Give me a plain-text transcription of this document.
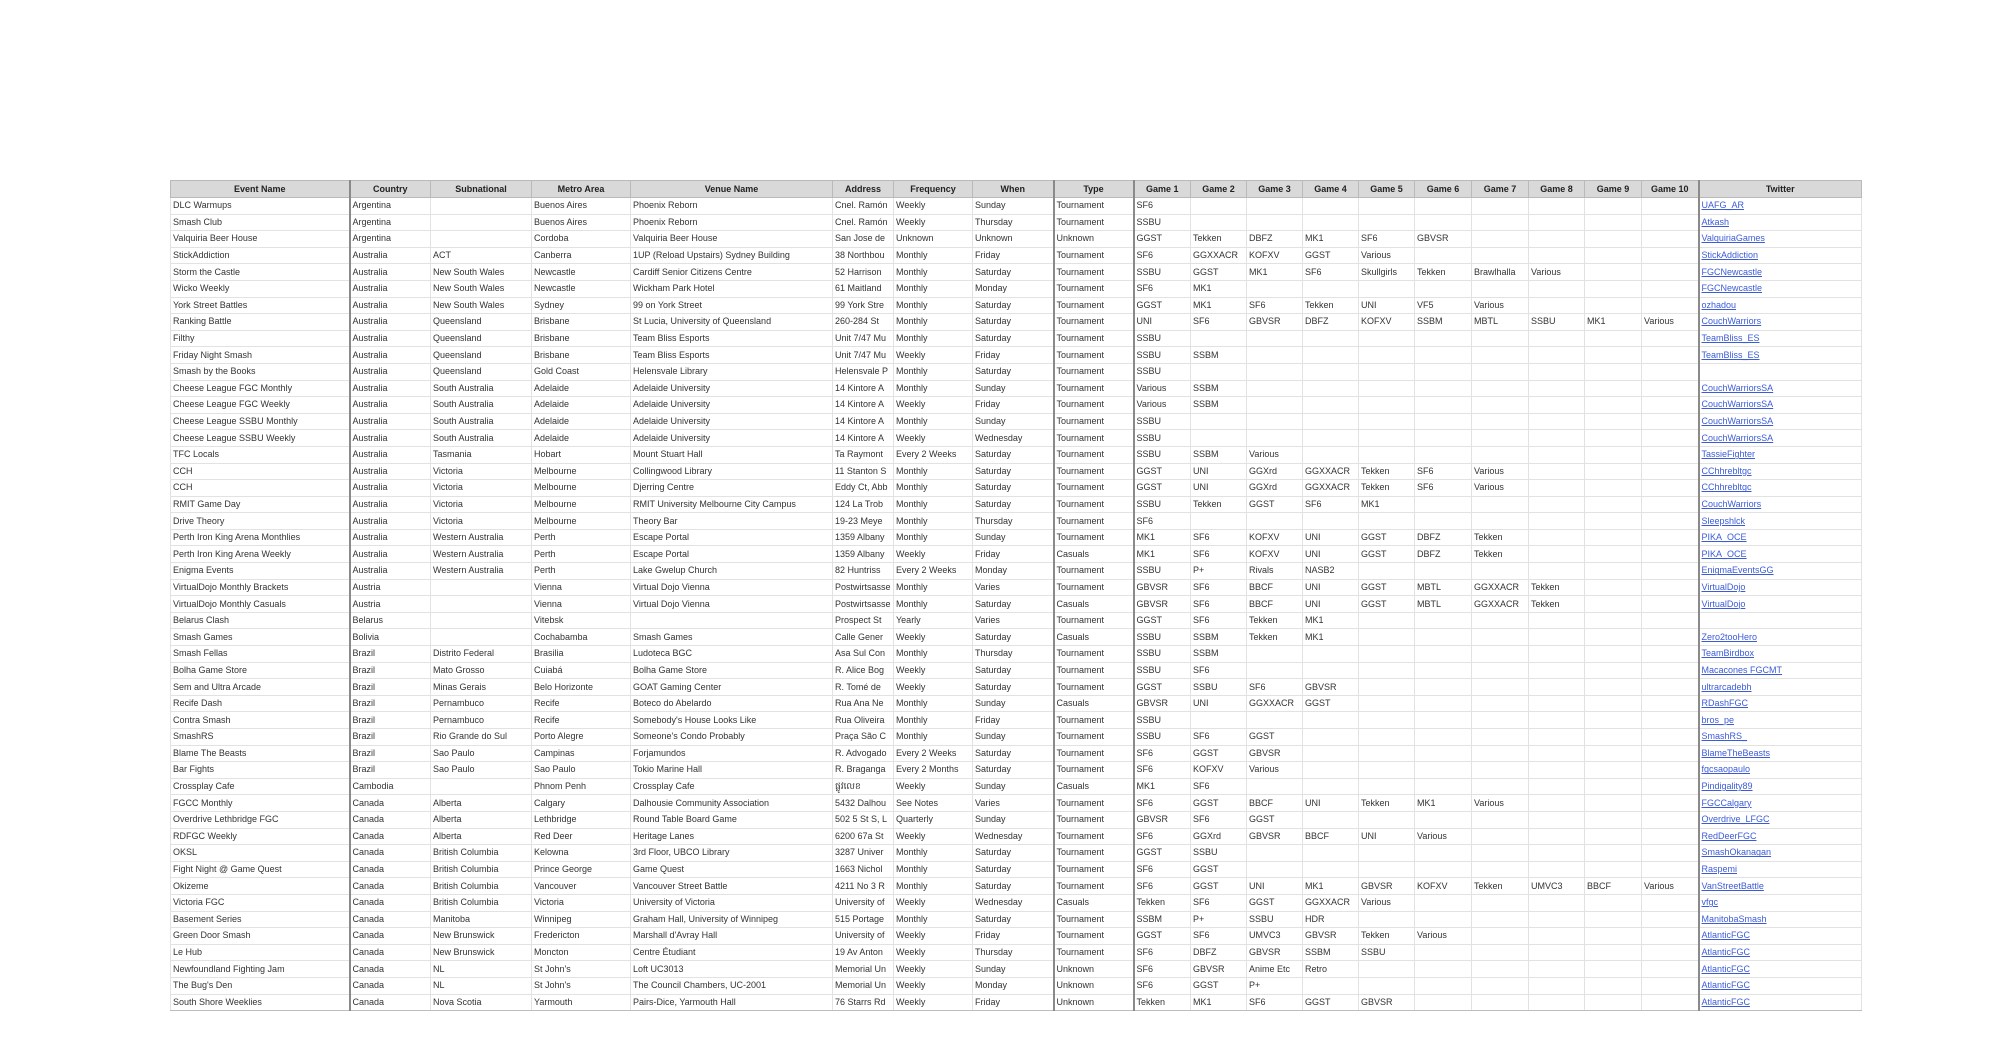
Event Name	Country	Subnational	Metro Area	Venue Name	Address	Frequency	When	Type	Game 1	Game 2	Game 3	Game 4	Game 5	Game 6	Game 7	Game 8	Game 9	Game 10	Twitter
DLC Warmups	Argentina		Buenos Aires	Phoenix Reborn	Cnel. Ramón	Weekly	Sunday	Tournament	SF6										UAFG_AR
Smash Club	Argentina		Buenos Aires	Phoenix Reborn	Cnel. Ramón	Weekly	Thursday	Tournament	SSBU										Atkash
Valquiria Beer House	Argentina		Cordoba	Valquiria Beer House	San Jose de	Unknown	Unknown	Unknown	GGST	Tekken	DBFZ	MK1	SF6	GBVSR					ValquiriaGames
StickAddiction	Australia	ACT	Canberra	1UP (Reload Upstairs) Sydney Building	38 Northbou	Monthly	Friday	Tournament	SF6	GGXXACR	KOFXV	GGST	Various						StickAddiction
Storm the Castle	Australia	New South Wales	Newcastle	Cardiff Senior Citizens Centre	52 Harrison	Monthly	Saturday	Tournament	SSBU	GGST	MK1	SF6	Skullgirls	Tekken	Brawlhalla	Various			FGCNewcastle
Wicko Weekly	Australia	New South Wales	Newcastle	Wickham Park Hotel	61 Maitland	Monthly	Monday	Tournament	SF6	MK1									FGCNewcastle
York Street Battles	Australia	New South Wales	Sydney	99 on York Street	99 York Stre	Monthly	Saturday	Tournament	GGST	MK1	SF6	Tekken	UNI	VF5	Various				ozhadou
Ranking Battle	Australia	Queensland	Brisbane	St Lucia, University of Queensland	260-284 St	Monthly	Saturday	Tournament	UNI	SF6	GBVSR	DBFZ	KOFXV	SSBM	MBTL	SSBU	MK1	Various	CouchWarriors
Filthy	Australia	Queensland	Brisbane	Team Bliss Esports	Unit 7/47 Mu	Monthly	Saturday	Tournament	SSBU										TeamBliss_ES
Friday Night Smash	Australia	Queensland	Brisbane	Team Bliss Esports	Unit 7/47 Mu	Weekly	Friday	Tournament	SSBU	SSBM									TeamBliss_ES
Smash by the Books	Australia	Queensland	Gold Coast	Helensvale Library	Helensvale P	Monthly	Saturday	Tournament	SSBU										
Cheese League FGC Monthly	Australia	South Australia	Adelaide	Adelaide University	14 Kintore A	Monthly	Sunday	Tournament	Various	SSBM									CouchWarriorsSA
Cheese League FGC Weekly	Australia	South Australia	Adelaide	Adelaide University	14 Kintore A	Weekly	Friday	Tournament	Various	SSBM									CouchWarriorsSA
Cheese League SSBU Monthly	Australia	South Australia	Adelaide	Adelaide University	14 Kintore A	Monthly	Sunday	Tournament	SSBU										CouchWarriorsSA
Cheese League SSBU Weekly	Australia	South Australia	Adelaide	Adelaide University	14 Kintore A	Weekly	Wednesday	Tournament	SSBU										CouchWarriorsSA
TFC Locals	Australia	Tasmania	Hobart	Mount Stuart Hall	Ta Raymont	Every 2 Weeks	Saturday	Tournament	SSBU	SSBM	Various								TassieFighter
CCH	Australia	Victoria	Melbourne	Collingwood Library	11 Stanton S	Monthly	Saturday	Tournament	GGST	UNI	GGXrd	GGXXACR	Tekken	SF6	Various				CChhrebltgc
CCH	Australia	Victoria	Melbourne	Djerring Centre	Eddy Ct, Abb	Monthly	Saturday	Tournament	GGST	UNI	GGXrd	GGXXACR	Tekken	SF6	Various				CChhrebltgc
RMIT Game Day	Australia	Victoria	Melbourne	RMIT University Melbourne City Campus	124 La Trob	Monthly	Saturday	Tournament	SSBU	Tekken	GGST	SF6	MK1						CouchWarriors
Drive Theory	Australia	Victoria	Melbourne	Theory Bar	19-23 Meye	Monthly	Thursday	Tournament	SF6										Sleepshlck
Perth Iron King Arena Monthlies	Australia	Western Australia	Perth	Escape Portal	1359 Albany	Monthly	Sunday	Tournament	MK1	SF6	KOFXV	UNI	GGST	DBFZ	Tekken				PIKA_OCE
Perth Iron King Arena Weekly	Australia	Western Australia	Perth	Escape Portal	1359 Albany	Weekly	Friday	Casuals	MK1	SF6	KOFXV	UNI	GGST	DBFZ	Tekken				PIKA_OCE
Enigma Events	Australia	Western Australia	Perth	Lake Gwelup Church	82 Huntriss	Every 2 Weeks	Monday	Tournament	SSBU	P+	Rivals	NASB2							EnigmaEventsGG
VirtualDojo Monthly Brackets	Austria		Vienna	Virtual Dojo Vienna	Postwirtsasse	Monthly	Varies	Tournament	GBVSR	SF6	BBCF	UNI	GGST	MBTL	GGXXACR	Tekken			VirtualDojo
VirtualDojo Monthly Casuals	Austria		Vienna	Virtual Dojo Vienna	Postwirtsasse	Monthly	Saturday	Casuals	GBVSR	SF6	BBCF	UNI	GGST	MBTL	GGXXACR	Tekken			VirtualDojo
Belarus Clash	Belarus		Vitebsk		Prospect St	Yearly	Varies	Tournament	GGST	SF6	Tekken	MK1							
Smash Games	Bolivia		Cochabamba	Smash Games	Calle Gener	Weekly	Saturday	Casuals	SSBU	SSBM	Tekken	MK1							Zero2tooHero
Smash Fellas	Brazil	Distrito Federal	Brasilia	Ludoteca BGC	Asa Sul Con	Monthly	Thursday	Tournament	SSBU	SSBM									TeamBirdbox
Bolha Game Store	Brazil	Mato Grosso	Cuiabá	Bolha Game Store	R. Alice Bog	Weekly	Saturday	Tournament	SSBU	SF6									Macacones FGCMT
Sem and Ultra Arcade	Brazil	Minas Gerais	Belo Horizonte	GOAT Gaming Center	R. Tomé de	Weekly	Saturday	Tournament	GGST	SSBU	SF6	GBVSR							ultrarcadebh
Recife Dash	Brazil	Pernambuco	Recife	Boteco do Abelardo	Rua Ana Ne	Monthly	Sunday	Casuals	GBVSR	UNI	GGXXACR	GGST							RDashFGC
Contra Smash	Brazil	Pernambuco	Recife	Somebody's House Looks Like	Rua Oliveira	Monthly	Friday	Tournament	SSBU										bros_pe
SmashRS	Brazil	Rio Grande do Sul	Porto Alegre	Someone's Condo Probably	Praça São C	Monthly	Sunday	Tournament	SSBU	SF6	GGST								SmashRS_
Blame The Beasts	Brazil	Sao Paulo	Campinas	Forjamundos	R. Advogado	Every 2 Weeks	Saturday	Tournament	SF6	GGST	GBVSR								BlameTheBeasts
Bar Fights	Brazil	Sao Paulo	Sao Paulo	Tokio Marine Hall	R. Braganga	Every 2 Months	Saturday	Tournament	SF6	KOFXV	Various								fgcsaopaulo
Crossplay Cafe	Cambodia		Phnom Penh	Crossplay Cafe	ផ្លូវលេខ	Weekly	Sunday	Casuals	MK1	SF6									Pindigality89
FGCC Monthly	Canada	Alberta	Calgary	Dalhousie Community Association	5432 Dalhou	See Notes	Varies	Tournament	SF6	GGST	BBCF	UNI	Tekken	MK1	Various				FGCCalgary
Overdrive Lethbridge FGC	Canada	Alberta	Lethbridge	Round Table Board Game	502 5 St S, L	Quarterly	Sunday	Tournament	GBVSR	SF6	GGST								Overdrive_LFGC
RDFGC Weekly	Canada	Alberta	Red Deer	Heritage Lanes	6200 67a St	Weekly	Wednesday	Tournament	SF6	GGXrd	GBVSR	BBCF	UNI	Various					RedDeerFGC
OKSL	Canada	British Columbia	Kelowna	3rd Floor, UBCO Library	3287 Univer	Monthly	Saturday	Tournament	GGST	SSBU									SmashOkanagan
Fight Night @ Game Quest	Canada	British Columbia	Prince George	Game Quest	1663 Nichol	Monthly	Saturday	Tournament	SF6	GGST									Raspemi
Okizeme	Canada	British Columbia	Vancouver	Vancouver Street Battle	4211 No 3 R	Monthly	Saturday	Tournament	SF6	GGST	UNI	MK1	GBVSR	KOFXV	Tekken	UMVC3	BBCF	Various	VanStreetBattle
Victoria FGC	Canada	British Columbia	Victoria	University of Victoria	University of	Weekly	Wednesday	Casuals	Tekken	SF6	GGST	GGXXACR	Various						vfgc
Basement Series	Canada	Manitoba	Winnipeg	Graham Hall, University of Winnipeg	515 Portage	Monthly	Saturday	Tournament	SSBM	P+	SSBU	HDR							ManitobaSmash
Green Door Smash	Canada	New Brunswick	Fredericton	Marshall d'Avray Hall	University of	Weekly	Friday	Tournament	GGST	SF6	UMVC3	GBVSR	Tekken	Various					AtlanticFGC
Le Hub	Canada	New Brunswick	Moncton	Centre Étudiant	19 Av Anton	Weekly	Thursday	Tournament	SF6	DBFZ	GBVSR	SSBM	SSBU						AtlanticFGC
Newfoundland Fighting Jam	Canada	NL	St John's	Loft UC3013	Memorial Un	Weekly	Sunday	Unknown	SF6	GBVSR	Anime Etc	Retro							AtlanticFGC
The Bug's Den	Canada	NL	St John's	The Council Chambers, UC-2001	Memorial Un	Weekly	Monday	Unknown	SF6	GGST	P+								AtlanticFGC
South Shore Weeklies	Canada	Nova Scotia	Yarmouth	Pairs-Dice, Yarmouth Hall	76 Starrs Rd	Weekly	Friday	Unknown	Tekken	MK1	SF6	GGST	GBVSR						AtlanticFGC
